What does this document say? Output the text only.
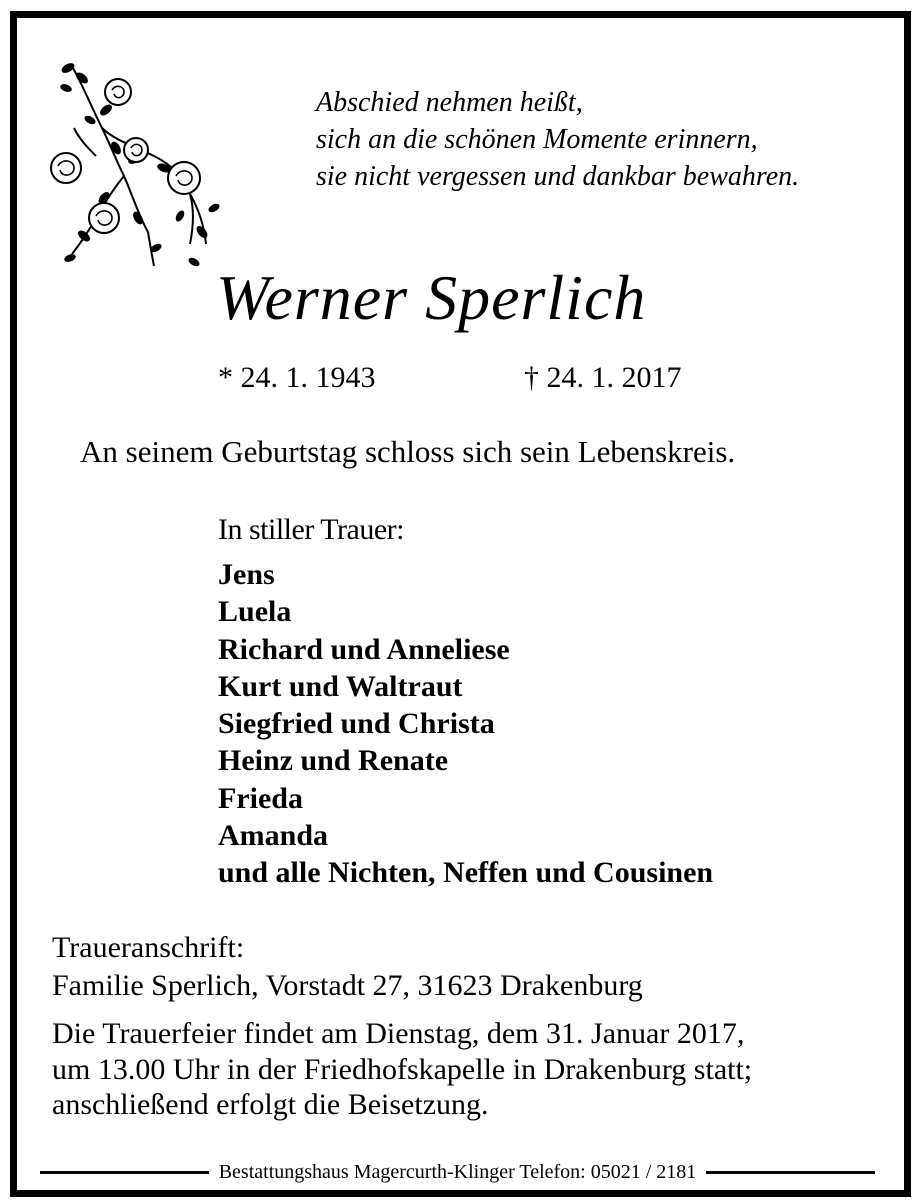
Abschied nehmen heißt,
sich an die schönen Momente erinnern,
sie nicht vergessen und dankbar bewahren.
Werner Sperlich
* 24. 1. 1943	† 24. 1. 2017
An seinem Geburtstag schloss sich sein Lebenskreis.
In stiller Trauer:
Jens
Luela
Richard und Anneliese
Kurt und Waltraut
Siegfried und Christa
Heinz und Renate
Frieda
Amanda
und alle Nichten, Neffen und Cousinen
Traueranschrift:
Familie Sperlich, Vorstadt 27, 31623 Drakenburg
Die Trauerfeier findet am Dienstag, dem 31. Januar 2017,
um 13.00 Uhr in der Friedhofskapelle in Drakenburg statt;
anschließend erfolgt die Beisetzung.
Bestattungshaus Magercurth-Klinger Telefon: 05021 / 2181
